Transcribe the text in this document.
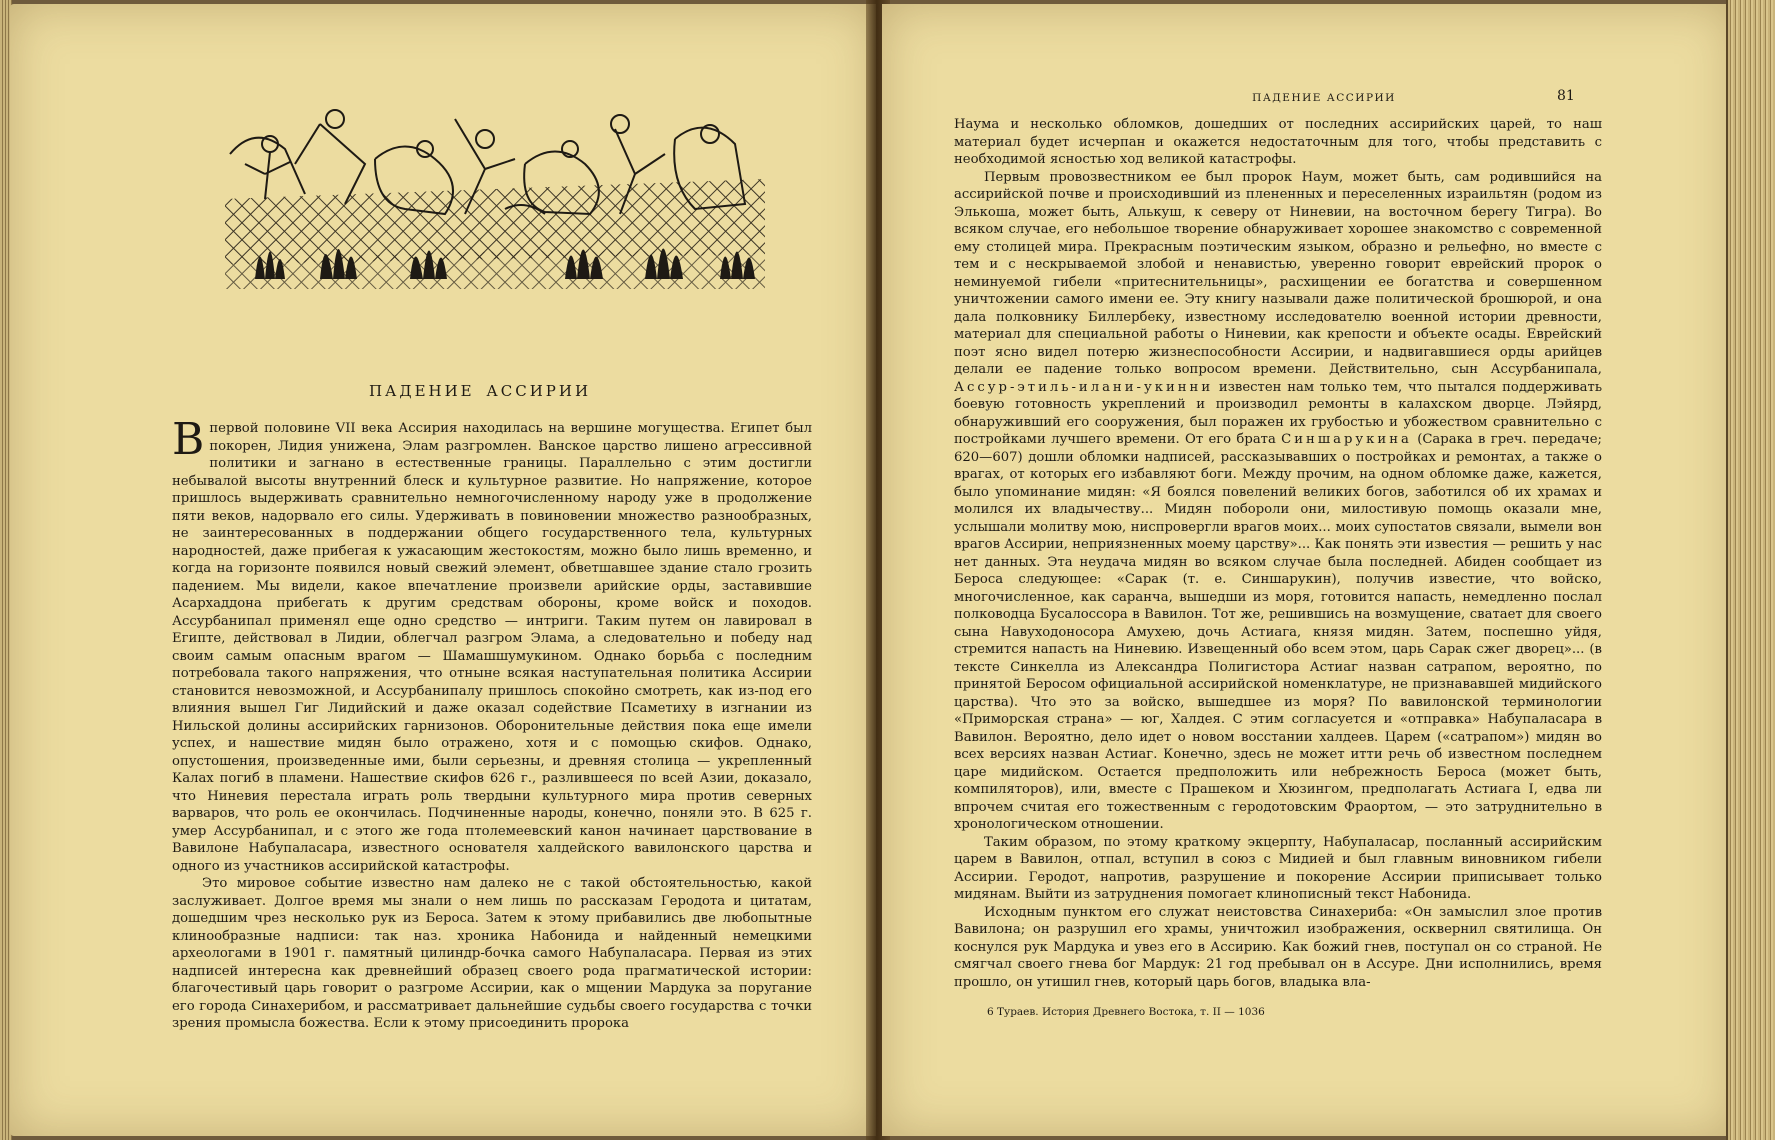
ПАДЕНИЕ АССИРИИ

Впервой половине VII века Ассирия находилась на вершине могущества. Египет был покорен, Лидия унижена, Элам разгромлен. Ванское царство лишено агрессивной политики и загнано в естественные границы. Параллельно с этим достигли небывалой высоты внутренний блеск и культурное развитие. Но напряжение, которое пришлось выдерживать сравнительно немногочисленному народу уже в продолжение пяти веков, надорвало его силы. Удерживать в повиновении множество разнообразных, не заинтересованных в поддержании общего государственного тела, культурных народностей, даже прибегая к ужасающим жестокостям, можно было лишь временно, и когда на горизонте появился новый свежий элемент, обветшавшее здание стало грозить падением. Мы видели, какое впечатление произвели арийские орды, заставившие Асархаддона прибегать к другим средствам обороны, кроме войск и походов. Ассурбанипал применял еще одно средство — интриги. Таким путем он лавировал в Египте, действовал в Лидии, облегчал разгром Элама, а следовательно и победу над своим самым опасным врагом — Шамашшумукином. Однако борьба с последним потребовала такого напряжения, что отныне всякая наступательная политика Ассирии становится невозможной, и Ассурбанипалу пришлось спокойно смотреть, как из-под его влияния вышел Гиг Лидийский и даже оказал содействие Псаметиху в изгнании из Нильской долины ассирийских гарнизонов. Оборонительные действия пока еще имели успех, и нашествие мидян было отражено, хотя и с помощью скифов. Однако, опустошения, произведенные ими, были серьезны, и древняя столица — укрепленный Калах погиб в пламени. Нашествие скифов 626 г., разлившееся по всей Азии, доказало, что Ниневия перестала играть роль твердыни культурного мира против северных варваров, что роль ее окончилась. Подчиненные народы, конечно, поняли это. В 625 г. умер Ассурбанипал, и с этого же года птолемеевский канон начинает царствование в Вавилоне Набупаласара, известного основателя халдейского вавилонского царства и одного из участников ассирийской катастрофы.

Это мировое событие известно нам далеко не с такой обстоятельностью, какой заслуживает. Долгое время мы знали о нем лишь по рассказам Геродота и цитатам, дошедшим чрез несколько рук из Бероса. Затем к этому прибавились две любопытные клинообразные надписи: так наз. хроника Набонида и найденный немецкими археологами в 1901 г. памятный цилиндр-бочка самого Набупаласара. Первая из этих надписей интересна как древнейший образец своего рода прагматической истории: благочестивый царь говорит о разгроме Ассирии, как о мщении Мардука за поругание его города Синахерибом, и рассматривает дальнейшие судьбы своего государства с точки зрения промысла божества. Если к этому присоединить пророка

ПАДЕНИЕ АССИРИИ	81

Наума и несколько обломков, дошедших от последних ассирийских царей, то наш материал будет исчерпан и окажется недостаточным для того, чтобы представить с необходимой ясностью ход великой катастрофы.

Первым провозвестником ее был пророк Наум, может быть, сам родившийся на ассирийской почве и происходивший из плененных и переселенных израильтян (родом из Элькоша, может быть, Алькуш, к северу от Ниневии, на восточном берегу Тигра). Во всяком случае, его небольшое творение обнаруживает хорошее знакомство с современной ему столицей мира. Прекрасным поэтическим языком, образно и рельефно, но вместе с тем и с нескрываемой злобой и ненавистью, уверенно говорит еврейский пророк о неминуемой гибели «притеснительницы», расхищении ее богатства и совершенном уничтожении самого имени ее. Эту книгу называли даже политической брошюрой, и она дала полковнику Биллербеку, известному исследователю военной истории древности, материал для специальной работы о Ниневии, как крепости и объекте осады. Еврейский поэт ясно видел потерю жизнеспособности Ассирии, и надвигавшиеся орды арийцев делали ее падение только вопросом времени. Действительно, сын Ассурбанипала, Ассур-этиль-илани-укинни известен нам только тем, что пытался поддерживать боевую готовность укреплений и производил ремонты в калахском дворце. Лэйярд, обнаруживший его сооружения, был поражен их грубостью и убожеством сравнительно с постройками лучшего времени. От его брата Синшарукина (Сарака в греч. передаче; 620—607) дошли обломки надписей, рассказывавших о постройках и ремонтах, а также о врагах, от которых его избавляют боги. Между прочим, на одном обломке даже, кажется, было упоминание мидян: «Я боялся повелений великих богов, заботился об их храмах и молился их владычеству... Мидян побороли они, милостивую помощь оказали мне, услышали молитву мою, ниспровергли врагов моих... моих супостатов связали, вымели вон врагов Ассирии, неприязненных моему царству»... Как понять эти известия — решить у нас нет данных. Эта неудача мидян во всяком случае была последней. Абиден сообщает из Бероса следующее: «Сарак (т. е. Синшарукин), получив известие, что войско, многочисленное, как саранча, вышедши из моря, готовится напасть, немедленно послал полководца Бусалоссора в Вавилон. Тот же, решившись на возмущение, сватает для своего сына Навуходоносора Амухею, дочь Астиага, князя мидян. Затем, поспешно уйдя, стремится напасть на Ниневию. Извещенный обо всем этом, царь Сарак сжег дворец»... (в тексте Синкелла из Александра Полигистора Астиаг назван сатрапом, вероятно, по принятой Беросом официальной ассирийской номенклатуре, не признававшей мидийского царства). Что это за войско, вышедшее из моря? По вавилонской терминологии «Приморская страна» — юг, Халдея. С этим согласуется и «отправка» Набупаласара в Вавилон. Вероятно, дело идет о новом восстании халдеев. Царем («сатрапом») мидян во всех версиях назван Астиаг. Конечно, здесь не может итти речь об известном последнем царе мидийском. Остается предположить или небрежность Бероса (может быть, компиляторов), или, вместе с Прашеком и Хюзингом, предполагать Астиага I, едва ли впрочем считая его тожественным с геродотовским Фраортом, — это затруднительно в хронологическом отношении.

Таким образом, по этому краткому экцерпту, Набупаласар, посланный ассирийским царем в Вавилон, отпал, вступил в союз с Мидией и был главным виновником гибели Ассирии. Геродот, напротив, разрушение и покорение Ассирии приписывает только мидянам. Выйти из затруднения помогает клинописный текст Набонида.

Исходным пунктом его служат неистовства Синахериба: «Он замыслил злое против Вавилона; он разрушил его храмы, уничтожил изображения, осквернил святилища. Он коснулся рук Мардука и увез его в Ассирию. Как божий гнев, поступал он со страной. Не смягчал своего гнева бог Мардук: 21 год пребывал он в Ассуре. Дни исполнились, время прошло, он утишил гнев, который царь богов, владыка вла-

6 Тураев. История Древнего Востока, т. II — 1036
